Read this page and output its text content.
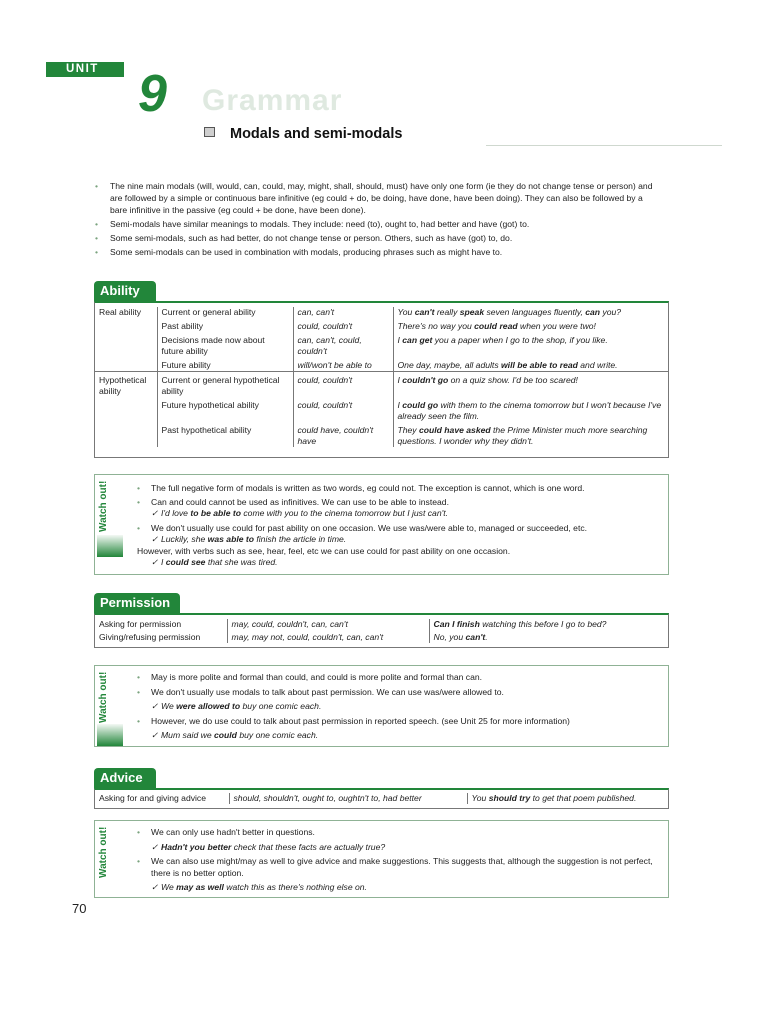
UNIT 9 Grammar
Modals and semi-modals
• The nine main modals (will, would, can, could, may, might, shall, should, must) have only one form (ie they do not change tense or person) and are followed by a simple or continuous bare infinitive (eg could + do, be doing, have done, have been doing). They can also be followed by a bare infinitive in the passive (eg could + be done, have been done).
• Semi-modals have similar meanings to modals. They include: need (to), ought to, had better and have (got) to.
• Some semi-modals, such as had better, do not change tense or person. Others, such as have (got) to, do.
• Some semi-modals can be used in combination with modals, producing phrases such as might have to.
Ability
Real ability	Current or general ability	can, can't	You can't really speak seven languages fluently, can you?
	Past ability	could, couldn't	There's no way you could read when you were two!
	Decisions made now about future ability	can, can't, could, couldn't	I can get you a paper when I go to the shop, if you like.
	Future ability	will/won't be able to	One day, maybe, all adults will be able to read and write.
Hypothetical ability	Current or general hypothetical ability	could, couldn't	I couldn't go on a quiz show. I'd be too scared!
	Future hypothetical ability	could, couldn't	I could go with them to the cinema tomorrow but I won't because I've already seen the film.
	Past hypothetical ability	could have, couldn't have	They could have asked the Prime Minister much more searching questions. I wonder why they didn't.
Watch out!	• The full negative form of modals is written as two words, eg could not. The exception is cannot, which is one word.
• Can and could cannot be used as infinitives. We can use to be able to instead.
✓ I'd love to be able to come with you to the cinema tomorrow but I just can't.
• We don't usually use could for past ability on one occasion. We use was/were able to, managed or succeeded, etc.
✓ Luckily, she was able to finish the article in time.
However, with verbs such as see, hear, feel, etc we can use could for past ability on one occasion.
✓ I could see that she was tired.
Permission
Asking for permission	may, could, couldn't, can, can't	Can I finish watching this before I go to bed?
Giving/refusing permission	may, may not, could, couldn't, can, can't	No, you can't.
Watch out!	• May is more polite and formal than could, and could is more polite and formal than can.
• We don't usually use modals to talk about past permission. We can use was/were allowed to.
✓ We were allowed to buy one comic each.
• However, we do use could to talk about past permission in reported speech. (see Unit 25 for more information)
✓ Mum said we could buy one comic each.
Advice
Asking for and giving advice	should, shouldn't, ought to, oughtn't to, had better	You should try to get that poem published.
Watch out!	• We can only use hadn't better in questions.
✓ Hadn't you better check that these facts are actually true?
• We can also use might/may as well to give advice and make suggestions. This suggests that, although the suggestion is not perfect, there is no better option.
✓ We may as well watch this as there's nothing else on.
70
